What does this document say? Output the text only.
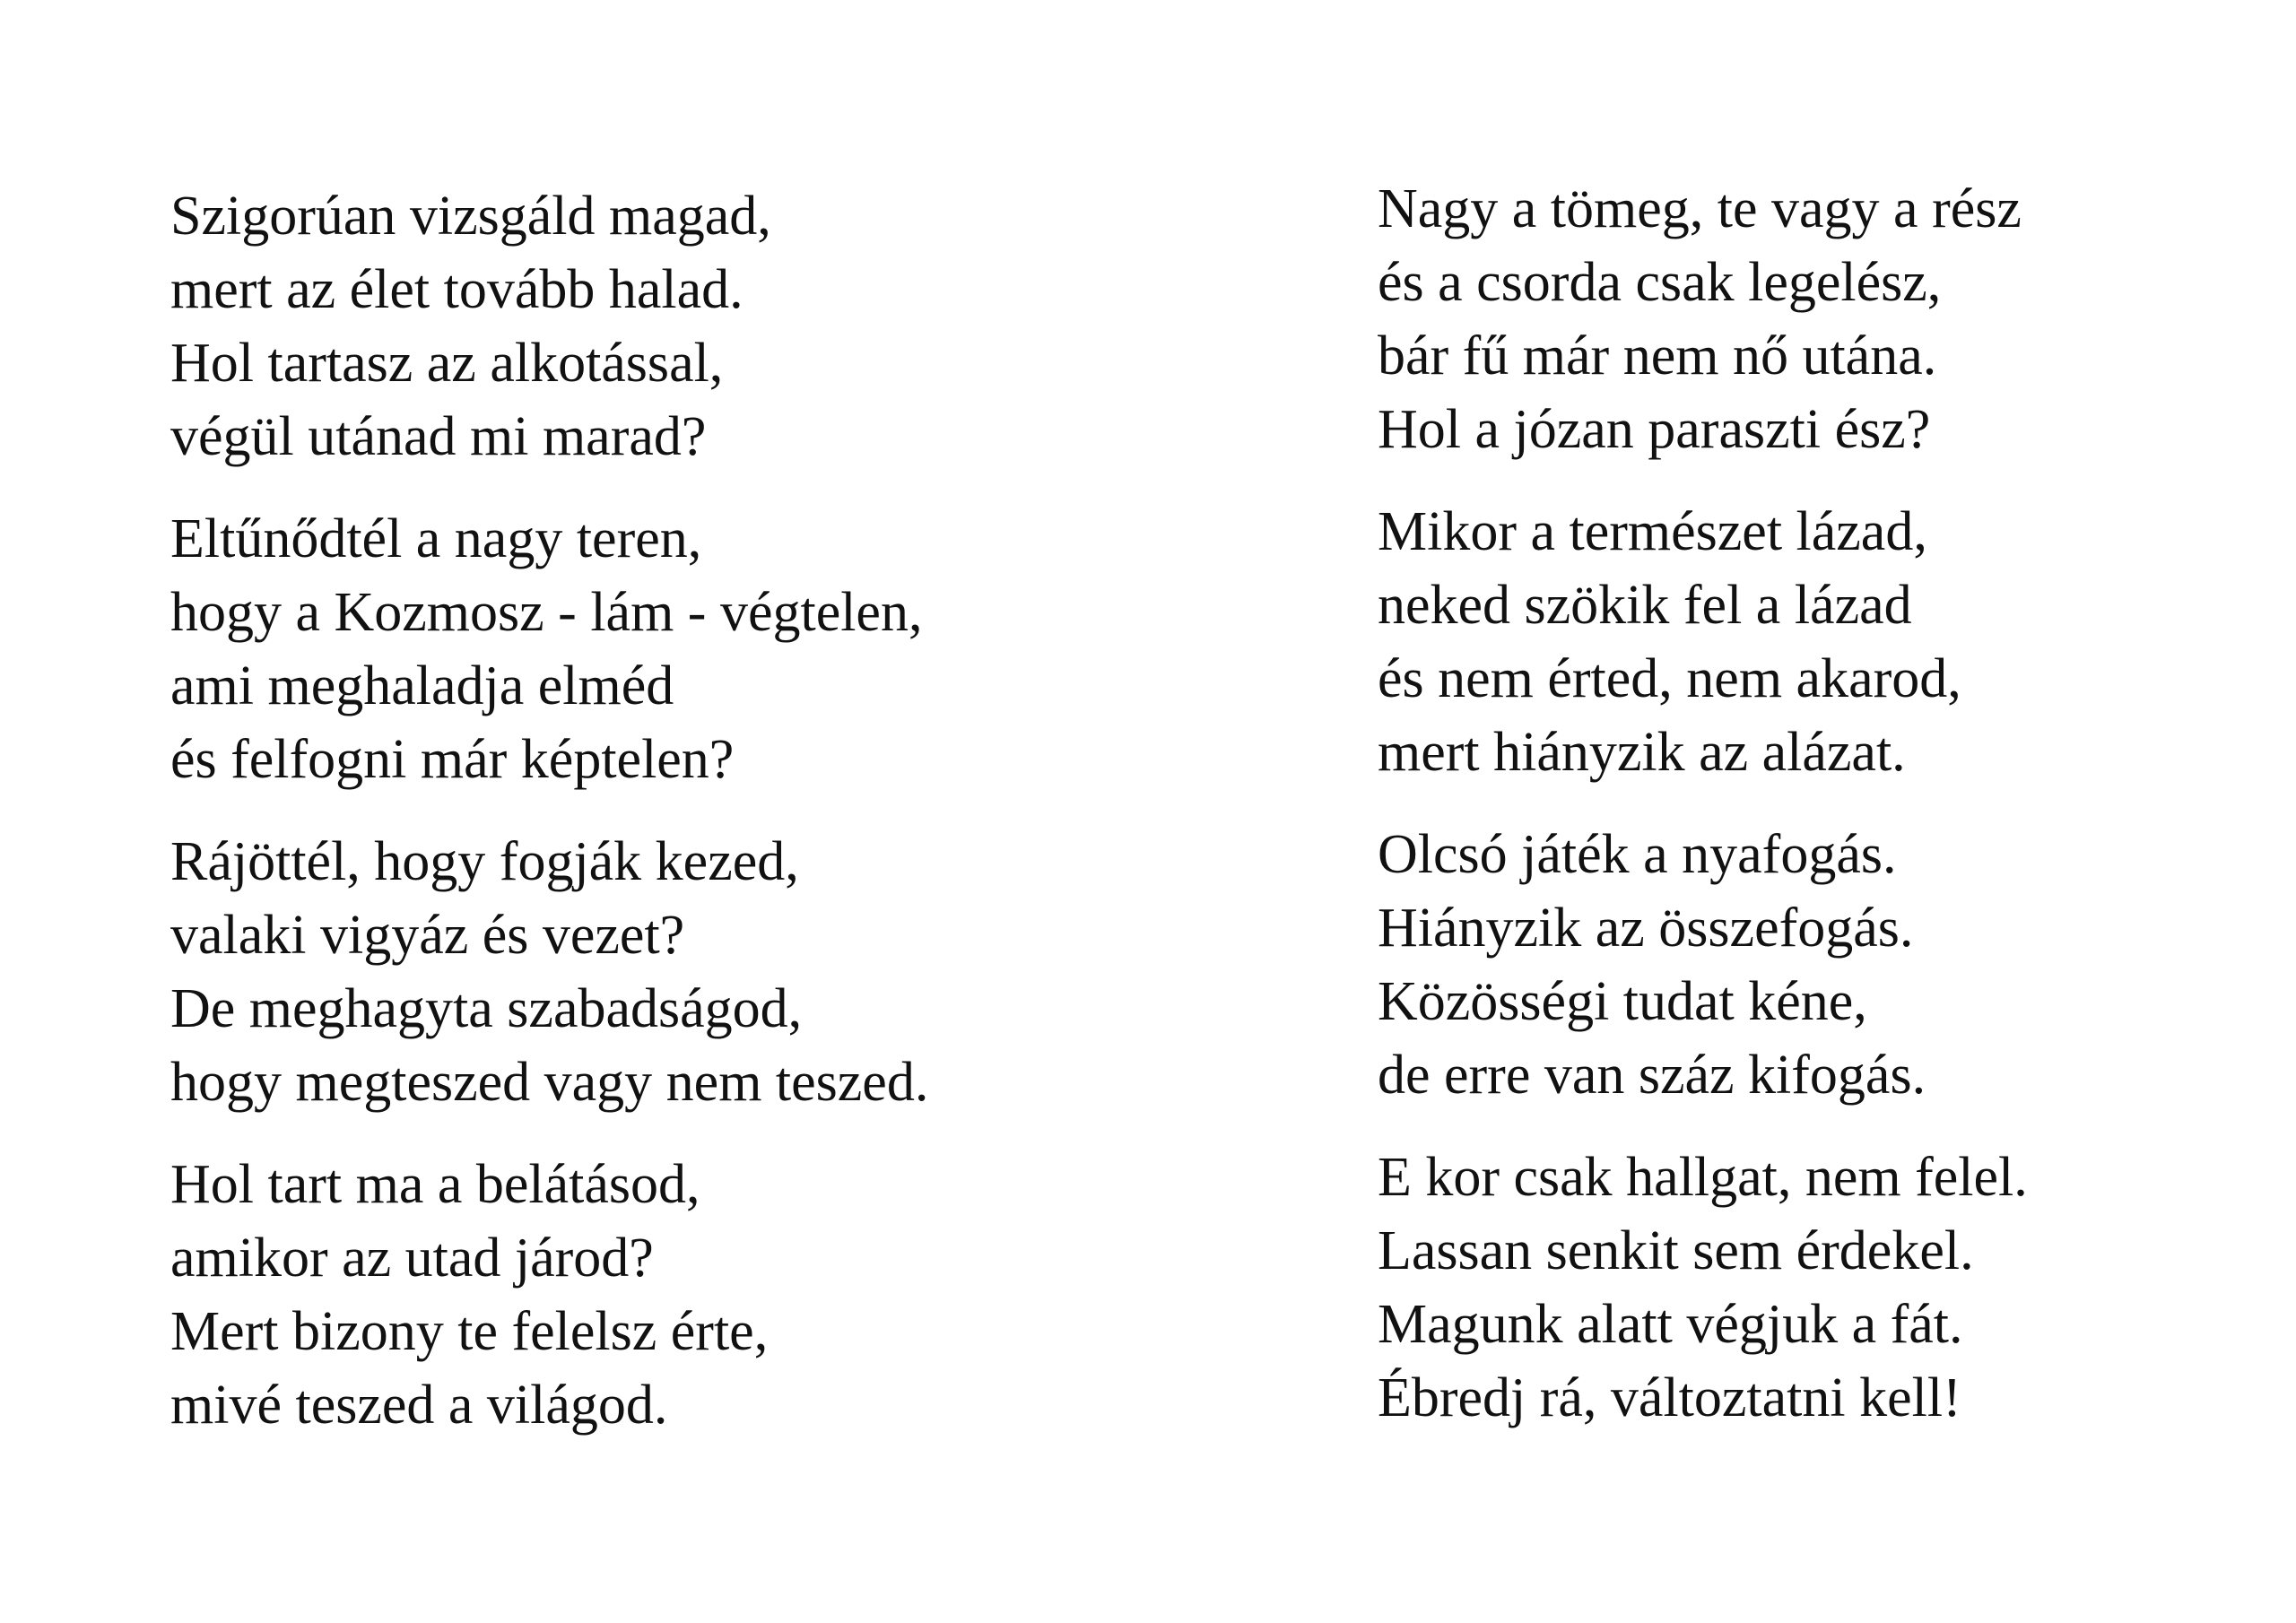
Szigorúan vizsgáld magad,
mert az élet tovább halad.
Hol tartasz az alkotással,
végül utánad mi marad?
Eltűnődtél a nagy teren,
hogy a Kozmosz - lám - végtelen,
ami meghaladja elméd
és felfogni már képtelen?
Rájöttél, hogy fogják kezed,
valaki vigyáz és vezet?
De meghagyta szabadságod,
hogy megteszed vagy nem teszed.
Hol tart ma a belátásod,
amikor az utad járod?
Mert bizony te felelsz érte,
mivé teszed a világod.
Nagy a tömeg, te vagy a rész
és a csorda csak legelész,
bár fű már nem nő utána.
Hol a józan paraszti ész?
Mikor a természet lázad,
neked szökik fel a lázad
és nem érted, nem akarod,
mert hiányzik az alázat.
Olcsó játék a nyafogás.
Hiányzik az összefogás.
Közösségi tudat kéne,
de erre van száz kifogás.
E kor csak hallgat, nem felel.
Lassan senkit sem érdekel.
Magunk alatt végjuk a fát.
Ébredj rá, változtatni kell!
